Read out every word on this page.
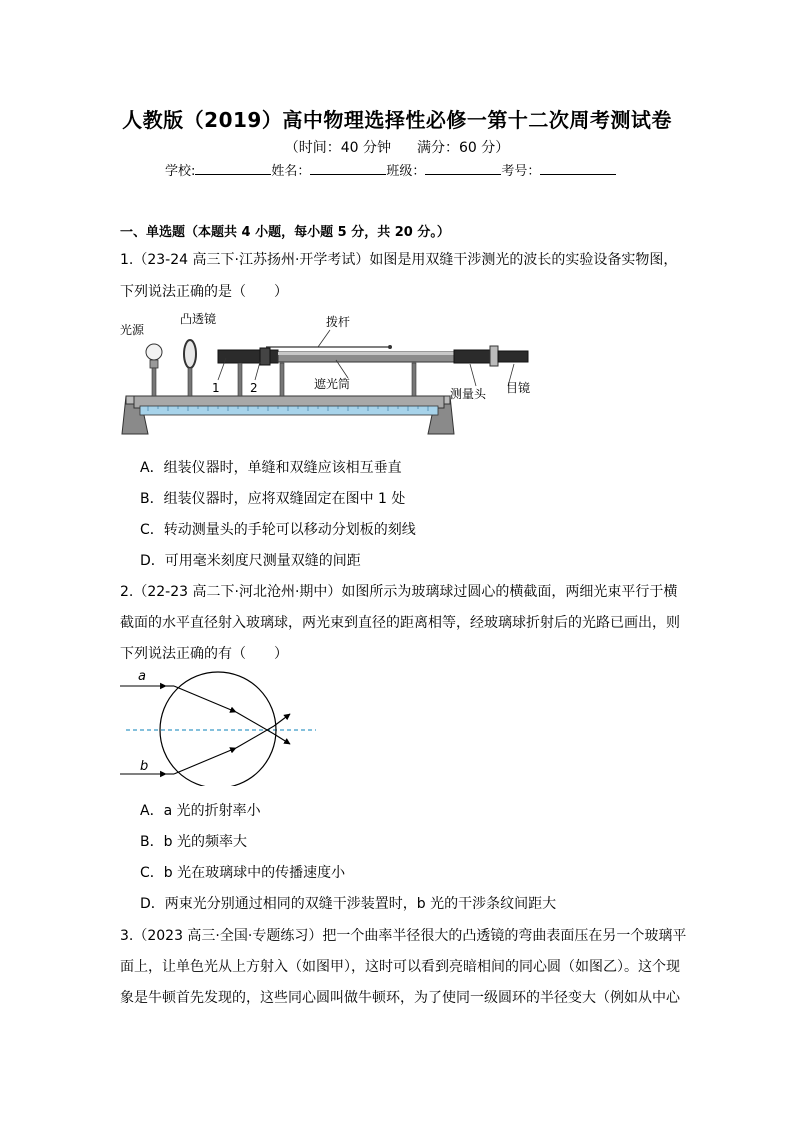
人教版（2019）高中物理选择性必修一第十二次周考测试卷
（时间：40 分钟 满分：60 分）
学校:	姓名：	班级：	考号：
一、单选题（本题共 4 小题，每小题 5 分，共 20 分。）
1.（23-24 高三下·江苏扬州·开学考试）如图是用双缝干涉测光的波长的实验设备实物图，
下列说法正确的是（　　）
光源
凸透镜	拨杆
1	2	遮光筒
测量头 目镜
A．组装仪器时，单缝和双缝应该相互垂直
B．组装仪器时，应将双缝固定在图中 1 处
C．转动测量头的手轮可以移动分划板的刻线
D．可用毫米刻度尺测量双缝的间距
2.（22-23 高二下·河北沧州·期中）如图所示为玻璃球过圆心的横截面，两细光束平行于横
截面的水平直径射入玻璃球，两光束到直径的距离相等，经玻璃球折射后的光路已画出，则
下列说法正确的有（　　）
a
b
A．a 光的折射率小
B．b 光的频率大
C．b 光在玻璃球中的传播速度小
D．两束光分别通过相同的双缝干涉装置时，b 光的干涉条纹间距大
3.（2023 高三·全国·专题练习）把一个曲率半径很大的凸透镜的弯曲表面压在另一个玻璃平
面上，让单色光从上方射入（如图甲），这时可以看到亮暗相间的同心圆（如图乙）。这个现
象是牛顿首先发现的，这些同心圆叫做牛顿环，为了使同一级圆环的半径变大（例如从中心
